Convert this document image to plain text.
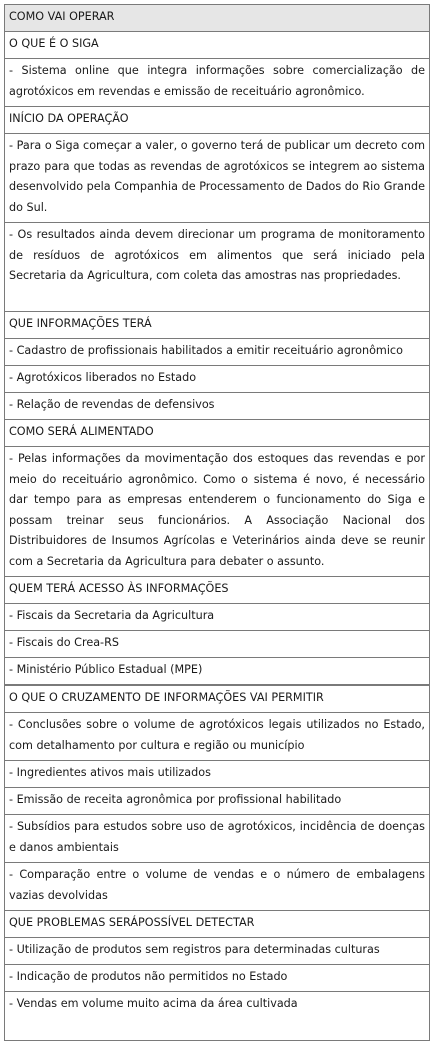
COMO VAI OPERAR
O QUE É O SIGA
- Sistema online que integra informações sobre comercialização de agrotóxicos em revendas e emissão de receituário agronômico.
INÍCIO DA OPERAÇÃO
- Para o Siga começar a valer, o governo terá de publicar um decreto com prazo para que todas as revendas de agrotóxicos se integrem ao sistema desenvolvido pela Companhia de Processamento de Dados do Rio Grande do Sul.
- Os resultados ainda devem direcionar um programa de monitoramento de resíduos de agrotóxicos em alimentos que será iniciado pela Secretaria da Agricultura, com coleta das amostras nas propriedades.
QUE INFORMAÇÕES TERÁ
- Cadastro de profissionais habilitados a emitir receituário agronômico
- Agrotóxicos liberados no Estado
- Relação de revendas de defensivos
COMO SERÁ ALIMENTADO
- Pelas informações da movimentação dos estoques das revendas e por meio do receituário agronômico. Como o sistema é novo, é necessário dar tempo para as empresas entenderem o funcionamento do Siga e possam treinar seus funcionários. A Associação Nacional dos Distribuidores de Insumos Agrícolas e Veterinários ainda deve se reunir com a Secretaria da Agricultura para debater o assunto.
QUEM TERÁ ACESSO ÀS INFORMAÇÕES
- Fiscais da Secretaria da Agricultura
- Fiscais do Crea-RS
- Ministério Público Estadual (MPE)
O QUE O CRUZAMENTO DE INFORMAÇÕES VAI PERMITIR
- Conclusões sobre o volume de agrotóxicos legais utilizados no Estado, com detalhamento por cultura e região ou município
- Ingredientes ativos mais utilizados
- Emissão de receita agronômica por profissional habilitado
- Subsídios para estudos sobre uso de agrotóxicos, incidência de doenças e danos ambientais
- Comparação entre o volume de vendas e o número de embalagens vazias devolvidas
QUE PROBLEMAS SERÁPOSSÍVEL DETECTAR
- Utilização de produtos sem registros para determinadas culturas
- Indicação de produtos não permitidos no Estado
- Vendas em volume muito acima da área cultivada
